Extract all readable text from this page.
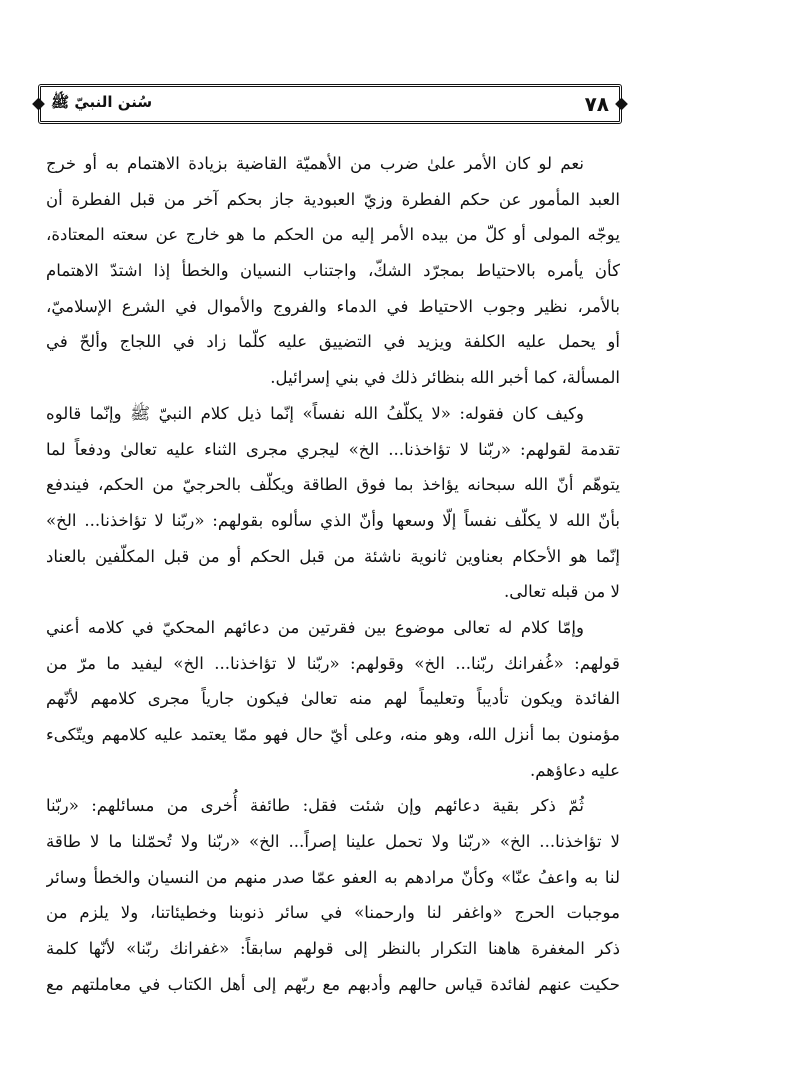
٧٨
سُنن النبيّ ﷺ
نعم لو كان الأمر علىٰ ضرب من الأهميّة القاضية بزيادة الاهتمام به أو خرج
العبد المأمور عن حكم الفطرة وزيّ العبودية جاز بحكم آخر من قبل الفطرة أن
يوجّه المولى أو كلّ من بيده الأمر إليه من الحكم ما هو خارج عن سعته المعتادة،
كأن يأمره بالاحتياط بمجرّد الشكّ، واجتناب النسيان والخطأ إذا اشتدّ الاهتمام
بالأمر، نظير وجوب الاحتياط في الدماء والفروج والأموال في الشرع الإسلاميّ،
أو يحمل عليه الكلفة ويزيد في التضييق عليه كلّما زاد في اللجاج وألحّ في
المسألة، كما أخبر الله بنظائر ذلك في بني إسرائيل.
وكيف كان فقوله: «لا يكلّفُ الله نفساً» إنّما ذيل كلام النبيّ ﷺ وإنّما قالوه
تقدمة لقولهم: «ربّنا لا تؤاخذنا... الخ» ليجري مجرى الثناء عليه تعالىٰ ودفعاً لما
يتوهّم أنّ الله سبحانه يؤاخذ بما فوق الطاقة ويكلّف بالحرجيّ من الحكم، فيندفع
بأنّ الله لا يكلّف نفساً إلّا وسعها وأنّ الذي سألوه بقولهم: «ربّنا لا تؤاخذنا... الخ»
إنّما هو الأحكام بعناوين ثانوية ناشئة من قبل الحكم أو من قبل المكلّفين بالعناد
لا من قبله تعالى.
وإمّا كلام له تعالى موضوع بين فقرتين من دعائهم المحكيّ في كلامه أعني
قولهم: «غُفرانك ربّنا... الخ» وقولهم: «ربّنا لا تؤاخذنا... الخ» ليفيد ما مرّ من
الفائدة ويكون تأديباً وتعليماً لهم منه تعالىٰ فيكون جارياً مجرى كلامهم لأنّهم
مؤمنون بما أنزل الله، وهو منه، وعلى أيّ حال فهو ممّا يعتمد عليه كلامهم ويتّكىء
عليه دعاؤهم.
ثُمّ ذكر بقية دعائهم وإن شئت فقل: طائفة أُخرى من مسائلهم: «ربّنا
لا تؤاخذنا... الخ» «ربّنا ولا تحمل علينا إصراً... الخ» «ربّنا ولا تُحمّلنا ما لا طاقة
لنا به واعفُ عنّا» وكأنّ مرادهم به العفو عمّا صدر منهم من النسيان والخطأ وسائر
موجبات الحرج «واغفر لنا وارحمنا» في سائر ذنوبنا وخطيئاتنا، ولا يلزم من
ذكر المغفرة هاهنا التكرار بالنظر إلى قولهم سابقاً: «غفرانك ربّنا» لأنّها كلمة
حكيت عنهم لفائدة قياس حالهم وأدبهم مع ربّهم إلى أهل الكتاب في معاملتهم مع
